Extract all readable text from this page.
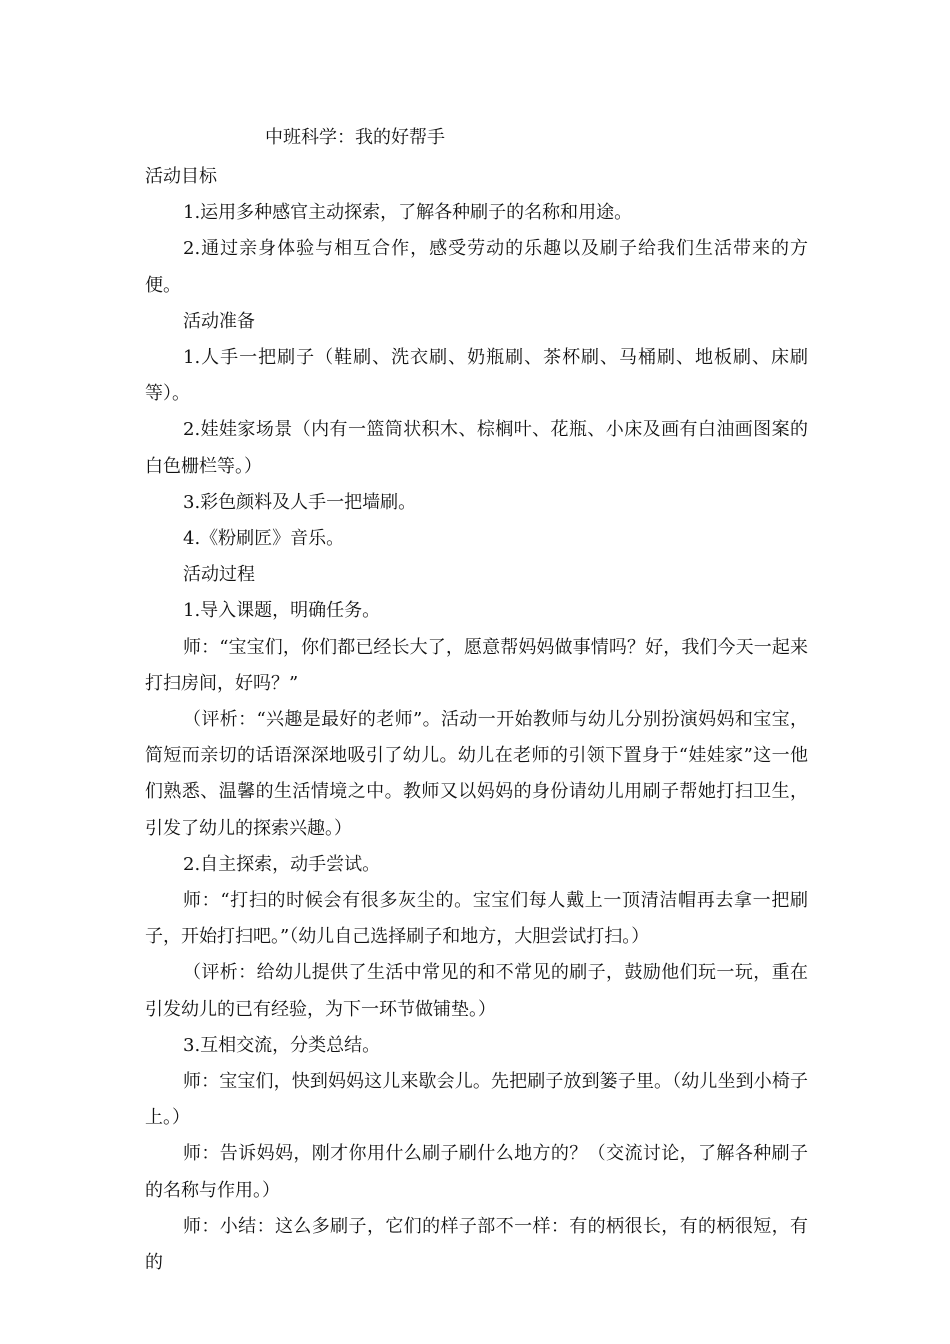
中班科学：我的好帮手

活动目标

1.运用多种感官主动探索，了解各种刷子的名称和用途。

2.通过亲身体验与相互合作，感受劳动的乐趣以及刷子给我们生活带来的方便。

活动准备

1.人手一把刷子（鞋刷、洗衣刷、奶瓶刷、茶杯刷、马桶刷、地板刷、床刷等）。

2.娃娃家场景（内有一篮筒状积木、棕榈叶、花瓶、小床及画有白油画图案的白色栅栏等。）

3.彩色颜料及人手一把墙刷。

4.《粉刷匠》音乐。

活动过程

1.导入课题，明确任务。

师：“宝宝们，你们都已经长大了，愿意帮妈妈做事情吗？好，我们今天一起来打扫房间，好吗？”

（评析：“兴趣是最好的老师”。活动一开始教师与幼儿分别扮演妈妈和宝宝，简短而亲切的话语深深地吸引了幼儿。幼儿在老师的引领下置身于“娃娃家”这一他们熟悉、温馨的生活情境之中。教师又以妈妈的身份请幼儿用刷子帮她打扫卫生，引发了幼儿的探索兴趣。）

2.自主探索，动手尝试。

师：“打扫的时候会有很多灰尘的。宝宝们每人戴上一顶清洁帽再去拿一把刷子，开始打扫吧。”（幼儿自己选择刷子和地方，大胆尝试打扫。）

（评析：给幼儿提供了生活中常见的和不常见的刷子，鼓励他们玩一玩，重在引发幼儿的已有经验，为下一环节做铺垫。）

3.互相交流，分类总结。

师：宝宝们，快到妈妈这儿来歇会儿。先把刷子放到篓子里。（幼儿坐到小椅子上。）

师：告诉妈妈，刚才你用什么刷子刷什么地方的？（交流讨论，了解各种刷子的名称与作用。）

师：小结：这么多刷子，它们的样子部不一样：有的柄很长，有的柄很短，有的
